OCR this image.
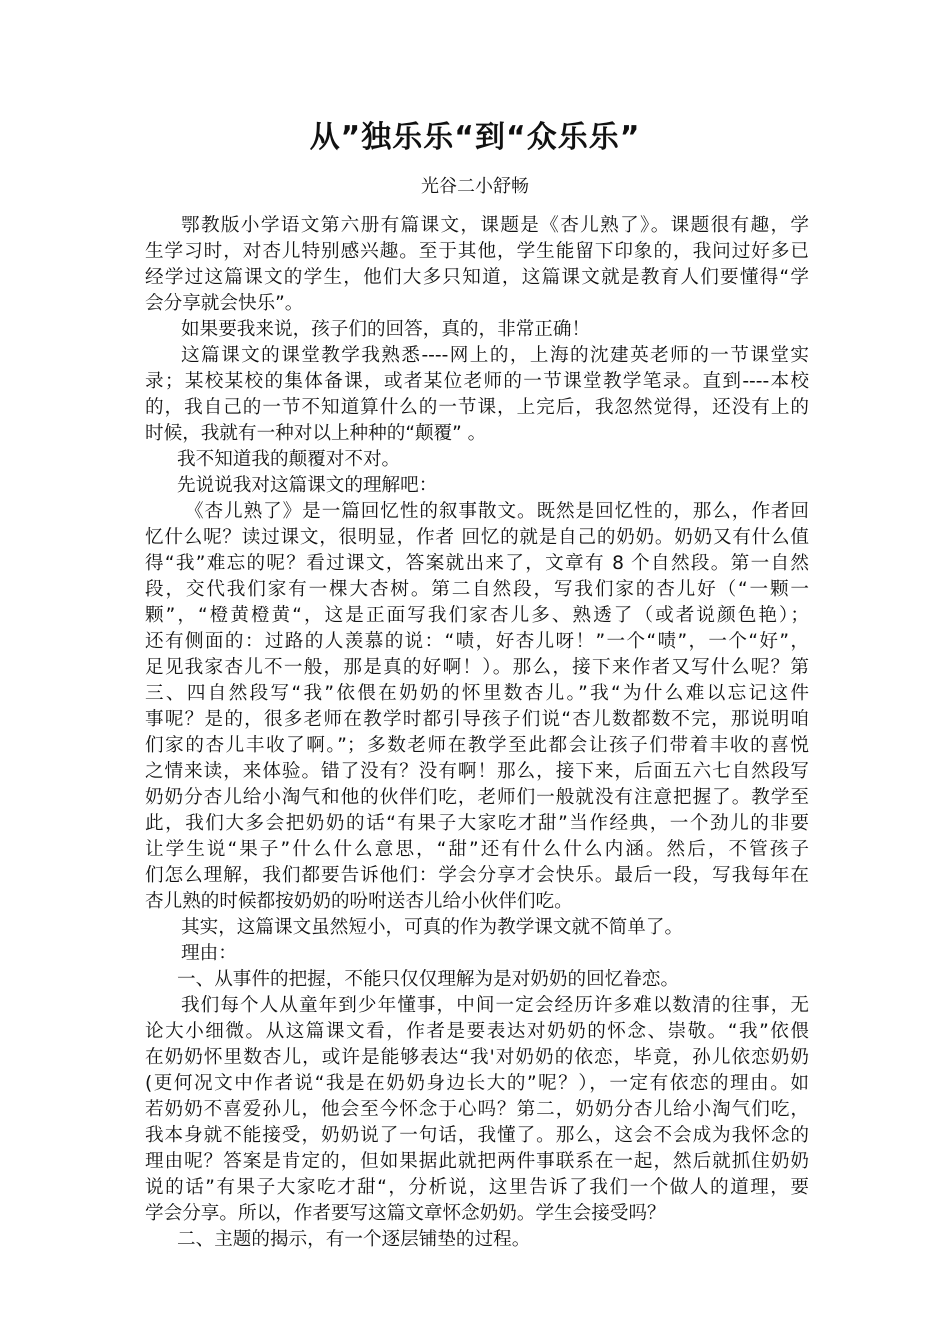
从”独乐乐“到“众乐乐”
光谷二小舒畅
鄂教版小学语文第六册有篇课文，课题是《杏儿熟了》。课题很有趣，学
生学习时，对杏儿特别感兴趣。至于其他，学生能留下印象的，我问过好多已
经学过这篇课文的学生，他们大多只知道，这篇课文就是教育人们要懂得“学
会分享就会快乐”。
如果要我来说，孩子们的回答，真的，非常正确！
这篇课文的课堂教学我熟悉----网上的，上海的沈建英老师的一节课堂实
录；某校某校的集体备课，或者某位老师的一节课堂教学笔录。直到----本校
的，我自己的一节不知道算什么的一节课，上完后，我忽然觉得，还没有上的
时候，我就有一种对以上种种的“颠覆” 。
我不知道我的颠覆对不对。
先说说我对这篇课文的理解吧：
《杏儿熟了》是一篇回忆性的叙事散文。既然是回忆性的，那么，作者回
忆什么呢？读过课文，很明显，作者 回忆的就是自己的奶奶。奶奶又有什么值
得“我”难忘的呢？看过课文，答案就出来了，文章有 8 个自然段。第一自然
段，交代我们家有一棵大杏树。第二自然段，写我们家的杏儿好（“一颗一
颗”，“橙黄橙黄“，这是正面写我们家杏儿多、熟透了（或者说颜色艳）；
还有侧面的：过路的人羡慕的说：“啧，好杏儿呀！”一个“啧”，一个“好”，
足见我家杏儿不一般，那是真的好啊！）。那么，接下来作者又写什么呢？第
三、四自然段写“我”依偎在奶奶的怀里数杏儿。”我“为什么难以忘记这件
事呢？是的，很多老师在教学时都引导孩子们说“杏儿数都数不完，那说明咱
们家的杏儿丰收了啊。”；多数老师在教学至此都会让孩子们带着丰收的喜悦
之情来读，来体验。错了没有？没有啊！那么，接下来，后面五六七自然段写
奶奶分杏儿给小淘气和他的伙伴们吃，老师们一般就没有注意把握了。教学至
此，我们大多会把奶奶的话“有果子大家吃才甜”当作经典，一个劲儿的非要
让学生说“果子”什么什么意思，“甜”还有什么什么内涵。然后，不管孩子
们怎么理解，我们都要告诉他们：学会分享才会快乐。最后一段，写我每年在
杏儿熟的时候都按奶奶的吩咐送杏儿给小伙伴们吃。
其实，这篇课文虽然短小，可真的作为教学课文就不简单了。
理由：
一、从事件的把握，不能只仅仅理解为是对奶奶的回忆眷恋。
我们每个人从童年到少年懂事，中间一定会经历许多难以数清的往事，无
论大小细微。从这篇课文看，作者是要表达对奶奶的怀念、崇敬。“我”依偎
在奶奶怀里数杏儿，或许是能够表达“我'对奶奶的依恋，毕竟，孙儿依恋奶奶
(更何况文中作者说“我是在奶奶身边长大的”呢？），一定有依恋的理由。如
若奶奶不喜爱孙儿，他会至今怀念于心吗？第二，奶奶分杏儿给小淘气们吃，
我本身就不能接受，奶奶说了一句话，我懂了。那么，这会不会成为我怀念的
理由呢？答案是肯定的，但如果据此就把两件事联系在一起，然后就抓住奶奶
说的话”有果子大家吃才甜“，分析说，这里告诉了我们一个做人的道理，要
学会分享。所以，作者要写这篇文章怀念奶奶。学生会接受吗？
二、主题的揭示，有一个逐层铺垫的过程。
